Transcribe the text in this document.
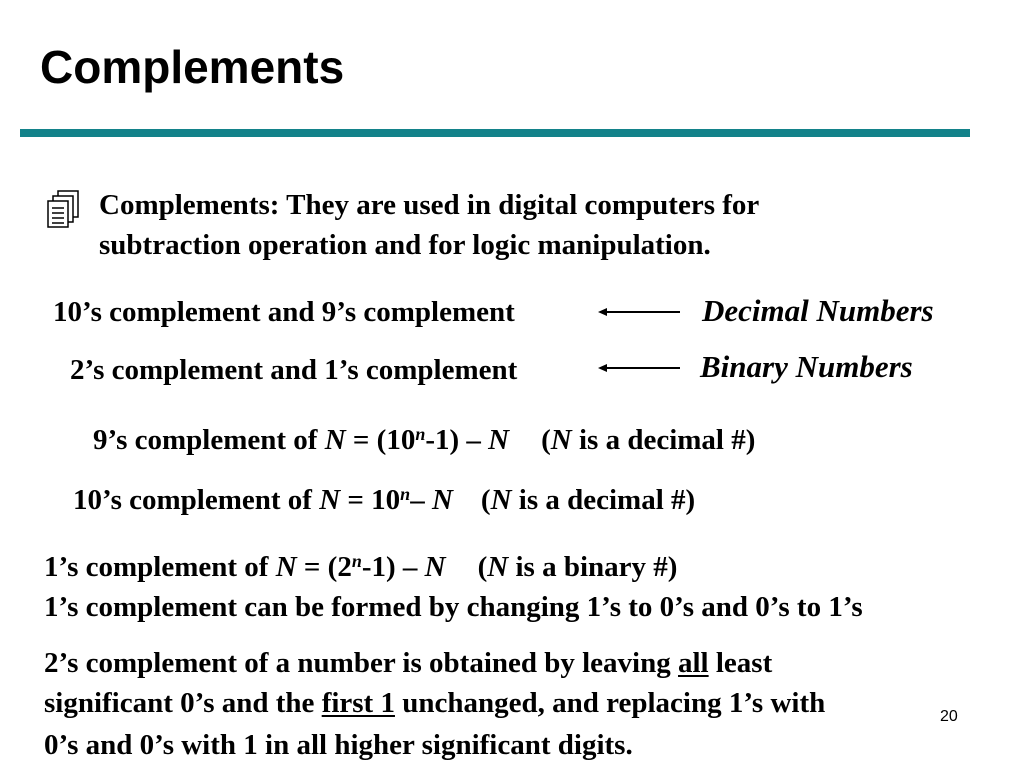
Complements
Complements: They are used in digital computers for
subtraction operation and for logic manipulation.
10’s complement and 9’s complement	Decimal Numbers
2’s complement and 1’s complement	Binary Numbers
9’s complement of $N = (10^n-1) - N$ (N is a decimal #)
10’s complement of $N = 10^n-$ N (N is a decimal #)
1’s complement of $N = (2^n-1) - N$ (N is a binary #)
1’s complement can be formed by changing 1’s to 0’s and 0’s to 1’s
2’s complement of a number is obtained by leaving all least
significant 0’s and the first 1 unchanged, and replacing 1’s with
0’s and 0’s with 1 in all higher significant digits.
20
